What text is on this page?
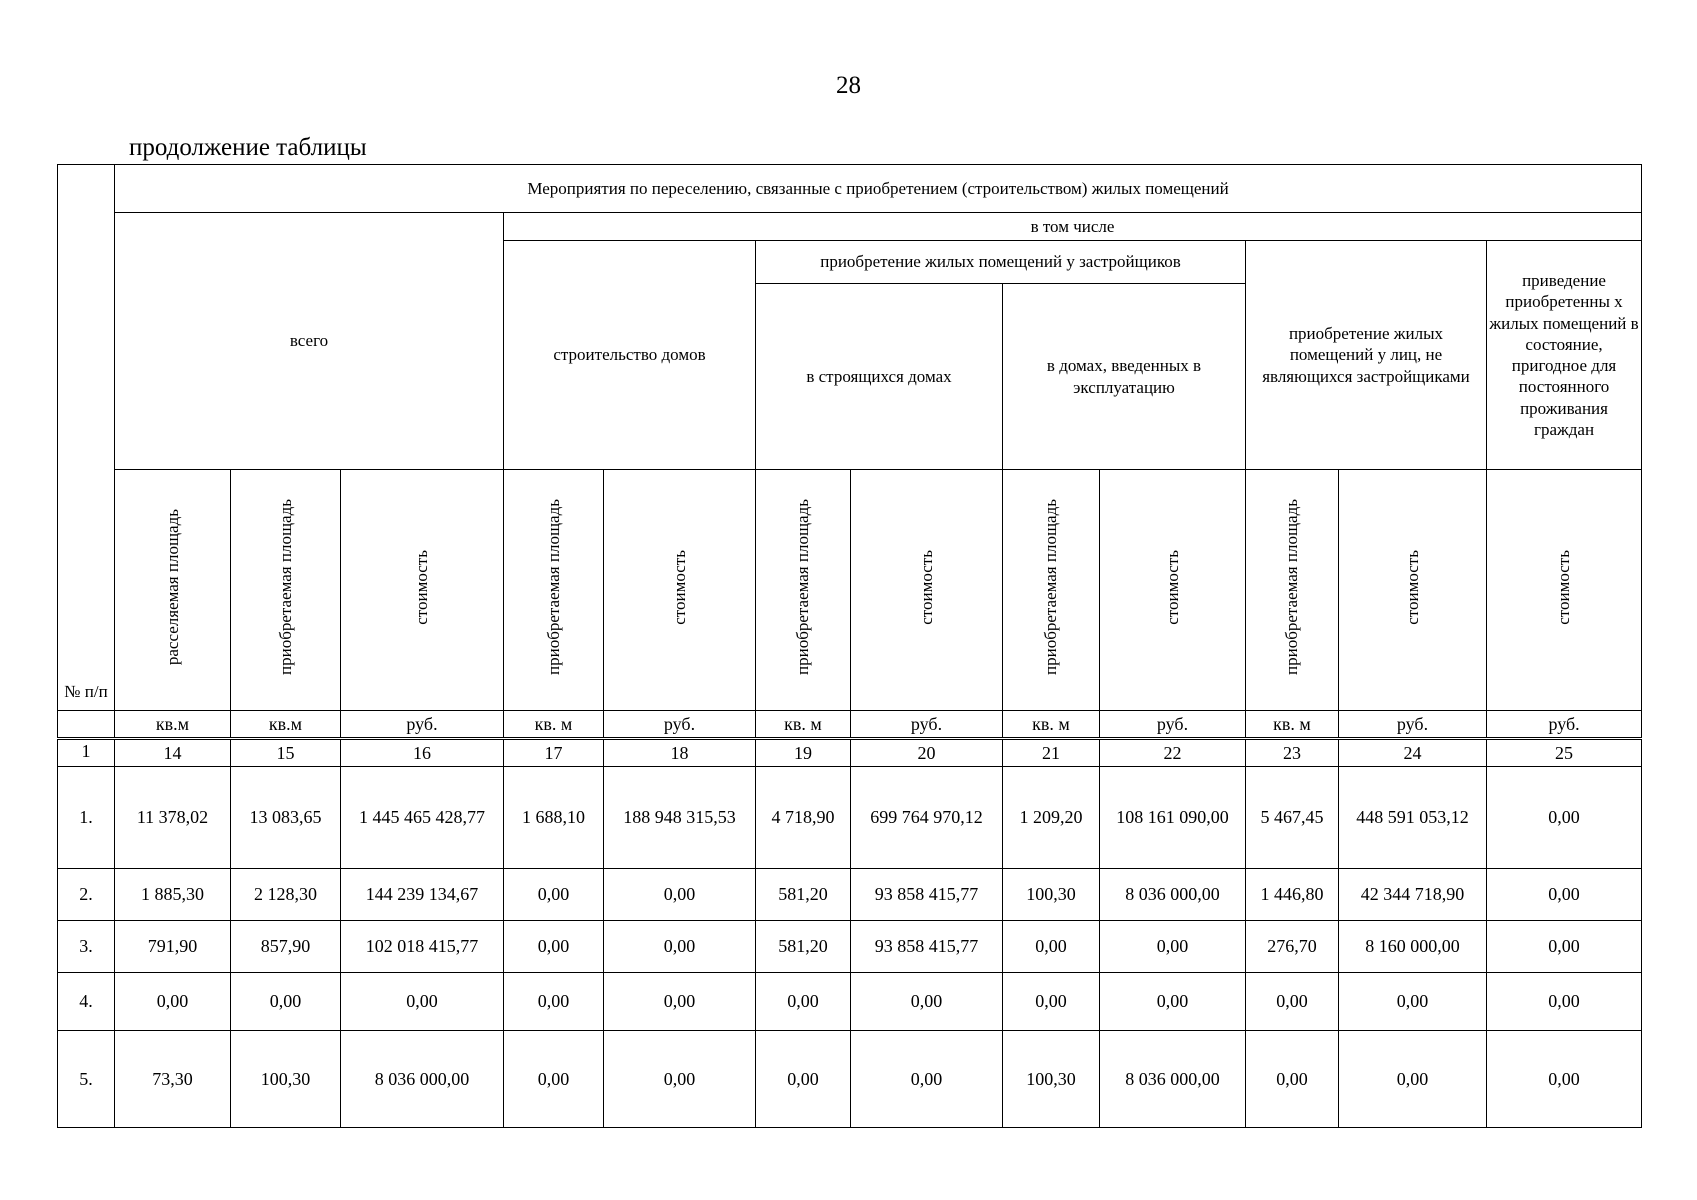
28
продолжение таблицы
№ п/п	Мероприятия по переселению, связанные с приобретением (строительством) жилых помещений											
	всего			в том числе								
				строительство домов		приобретение жилых помещений у застройщиков				приобретение жилых помещений у лиц, не являющихся застройщиками		приведение приобретенны х жилых помещений в состояние, пригодное для постоянного проживания граждан
						в строящихся домах		в домах, введенных в эксплуатацию				
	расселяемая площадь	приобретаемая площадь	стоимость	приобретаемая площадь	стоимость	приобретаемая площадь	стоимость	приобретаемая площадь	стоимость	приобретаемая площадь	стоимость	стоимость
	кв.м	кв.м	руб.	кв. м	руб.	кв. м	руб.	кв. м	руб.	кв. м	руб.	руб.
1	14	15	16	17	18	19	20	21	22	23	24	25
1.	11 378,02	13 083,65	1 445 465 428,77	1 688,10	188 948 315,53	4 718,90	699 764 970,12	1 209,20	108 161 090,00	5 467,45	448 591 053,12	0,00
2.	1 885,30	2 128,30	144 239 134,67	0,00	0,00	581,20	93 858 415,77	100,30	8 036 000,00	1 446,80	42 344 718,90	0,00
3.	791,90	857,90	102 018 415,77	0,00	0,00	581,20	93 858 415,77	0,00	0,00	276,70	8 160 000,00	0,00
4.	0,00	0,00	0,00	0,00	0,00	0,00	0,00	0,00	0,00	0,00	0,00	0,00
5.	73,30	100,30	8 036 000,00	0,00	0,00	0,00	0,00	100,30	8 036 000,00	0,00	0,00	0,00
